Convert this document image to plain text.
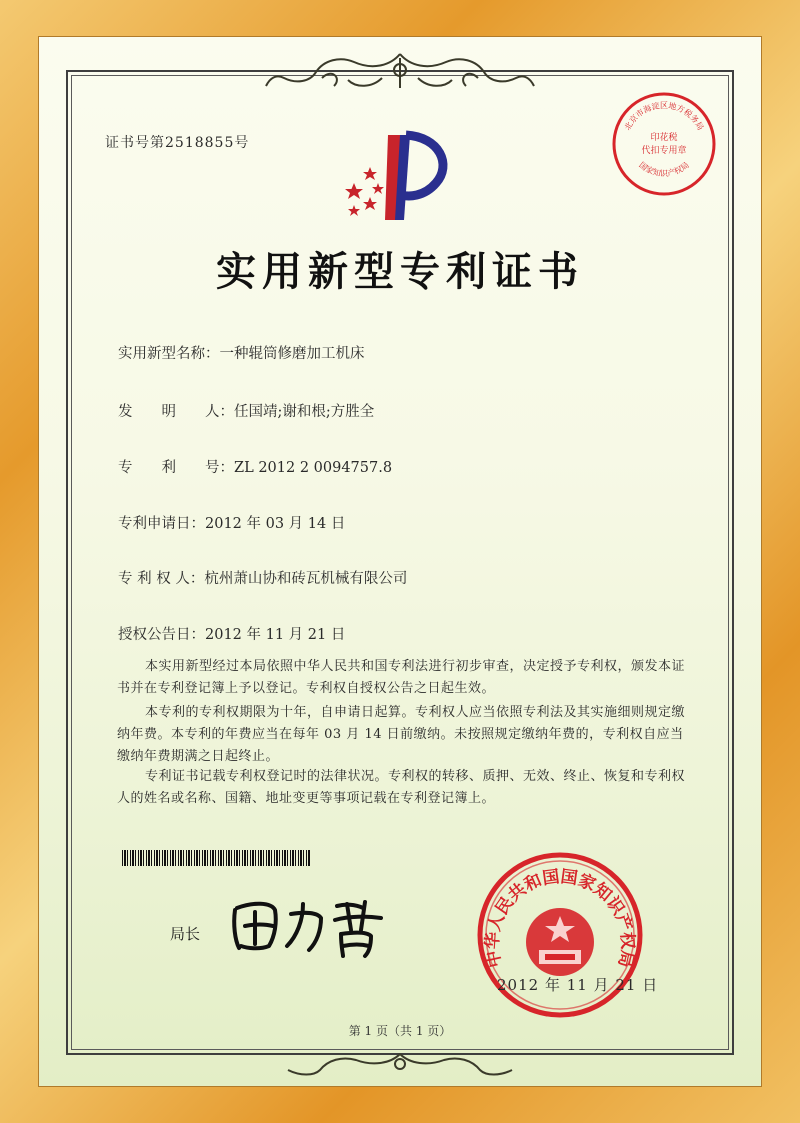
证书号第2518855号
实用新型专利证书
实用新型名称：一种辊筒修磨加工机床
发　　明　　人：任国靖;谢和根;方胜全
专　　利　　号：ZL 2012 2 0094757.8
专利申请日：2012 年 03 月 14 日
专 利 权 人：杭州萧山协和砖瓦机械有限公司
授权公告日：2012 年 11 月 21 日
本实用新型经过本局依照中华人民共和国专利法进行初步审查，决定授予专利权，颁发本证书并在专利登记簿上予以登记。专利权自授权公告之日起生效。
本专利的专利权期限为十年，自申请日起算。专利权人应当依照专利法及其实施细则规定缴纳年费。本专利的年费应当在每年 03 月 14 日前缴纳。未按照规定缴纳年费的，专利权自应当缴纳年费期满之日起终止。
专利证书记载专利权登记时的法律状况。专利权的转移、质押、无效、终止、恢复和专利权人的姓名或名称、国籍、地址变更等事项记载在专利登记簿上。
局长
中华人民共和国国家知识产权局
2012 年 11 月 21 日
北京市海淀区地方税务局
国家知识产权局
印花税
代扣专用章
第 1 页（共 1 页）
